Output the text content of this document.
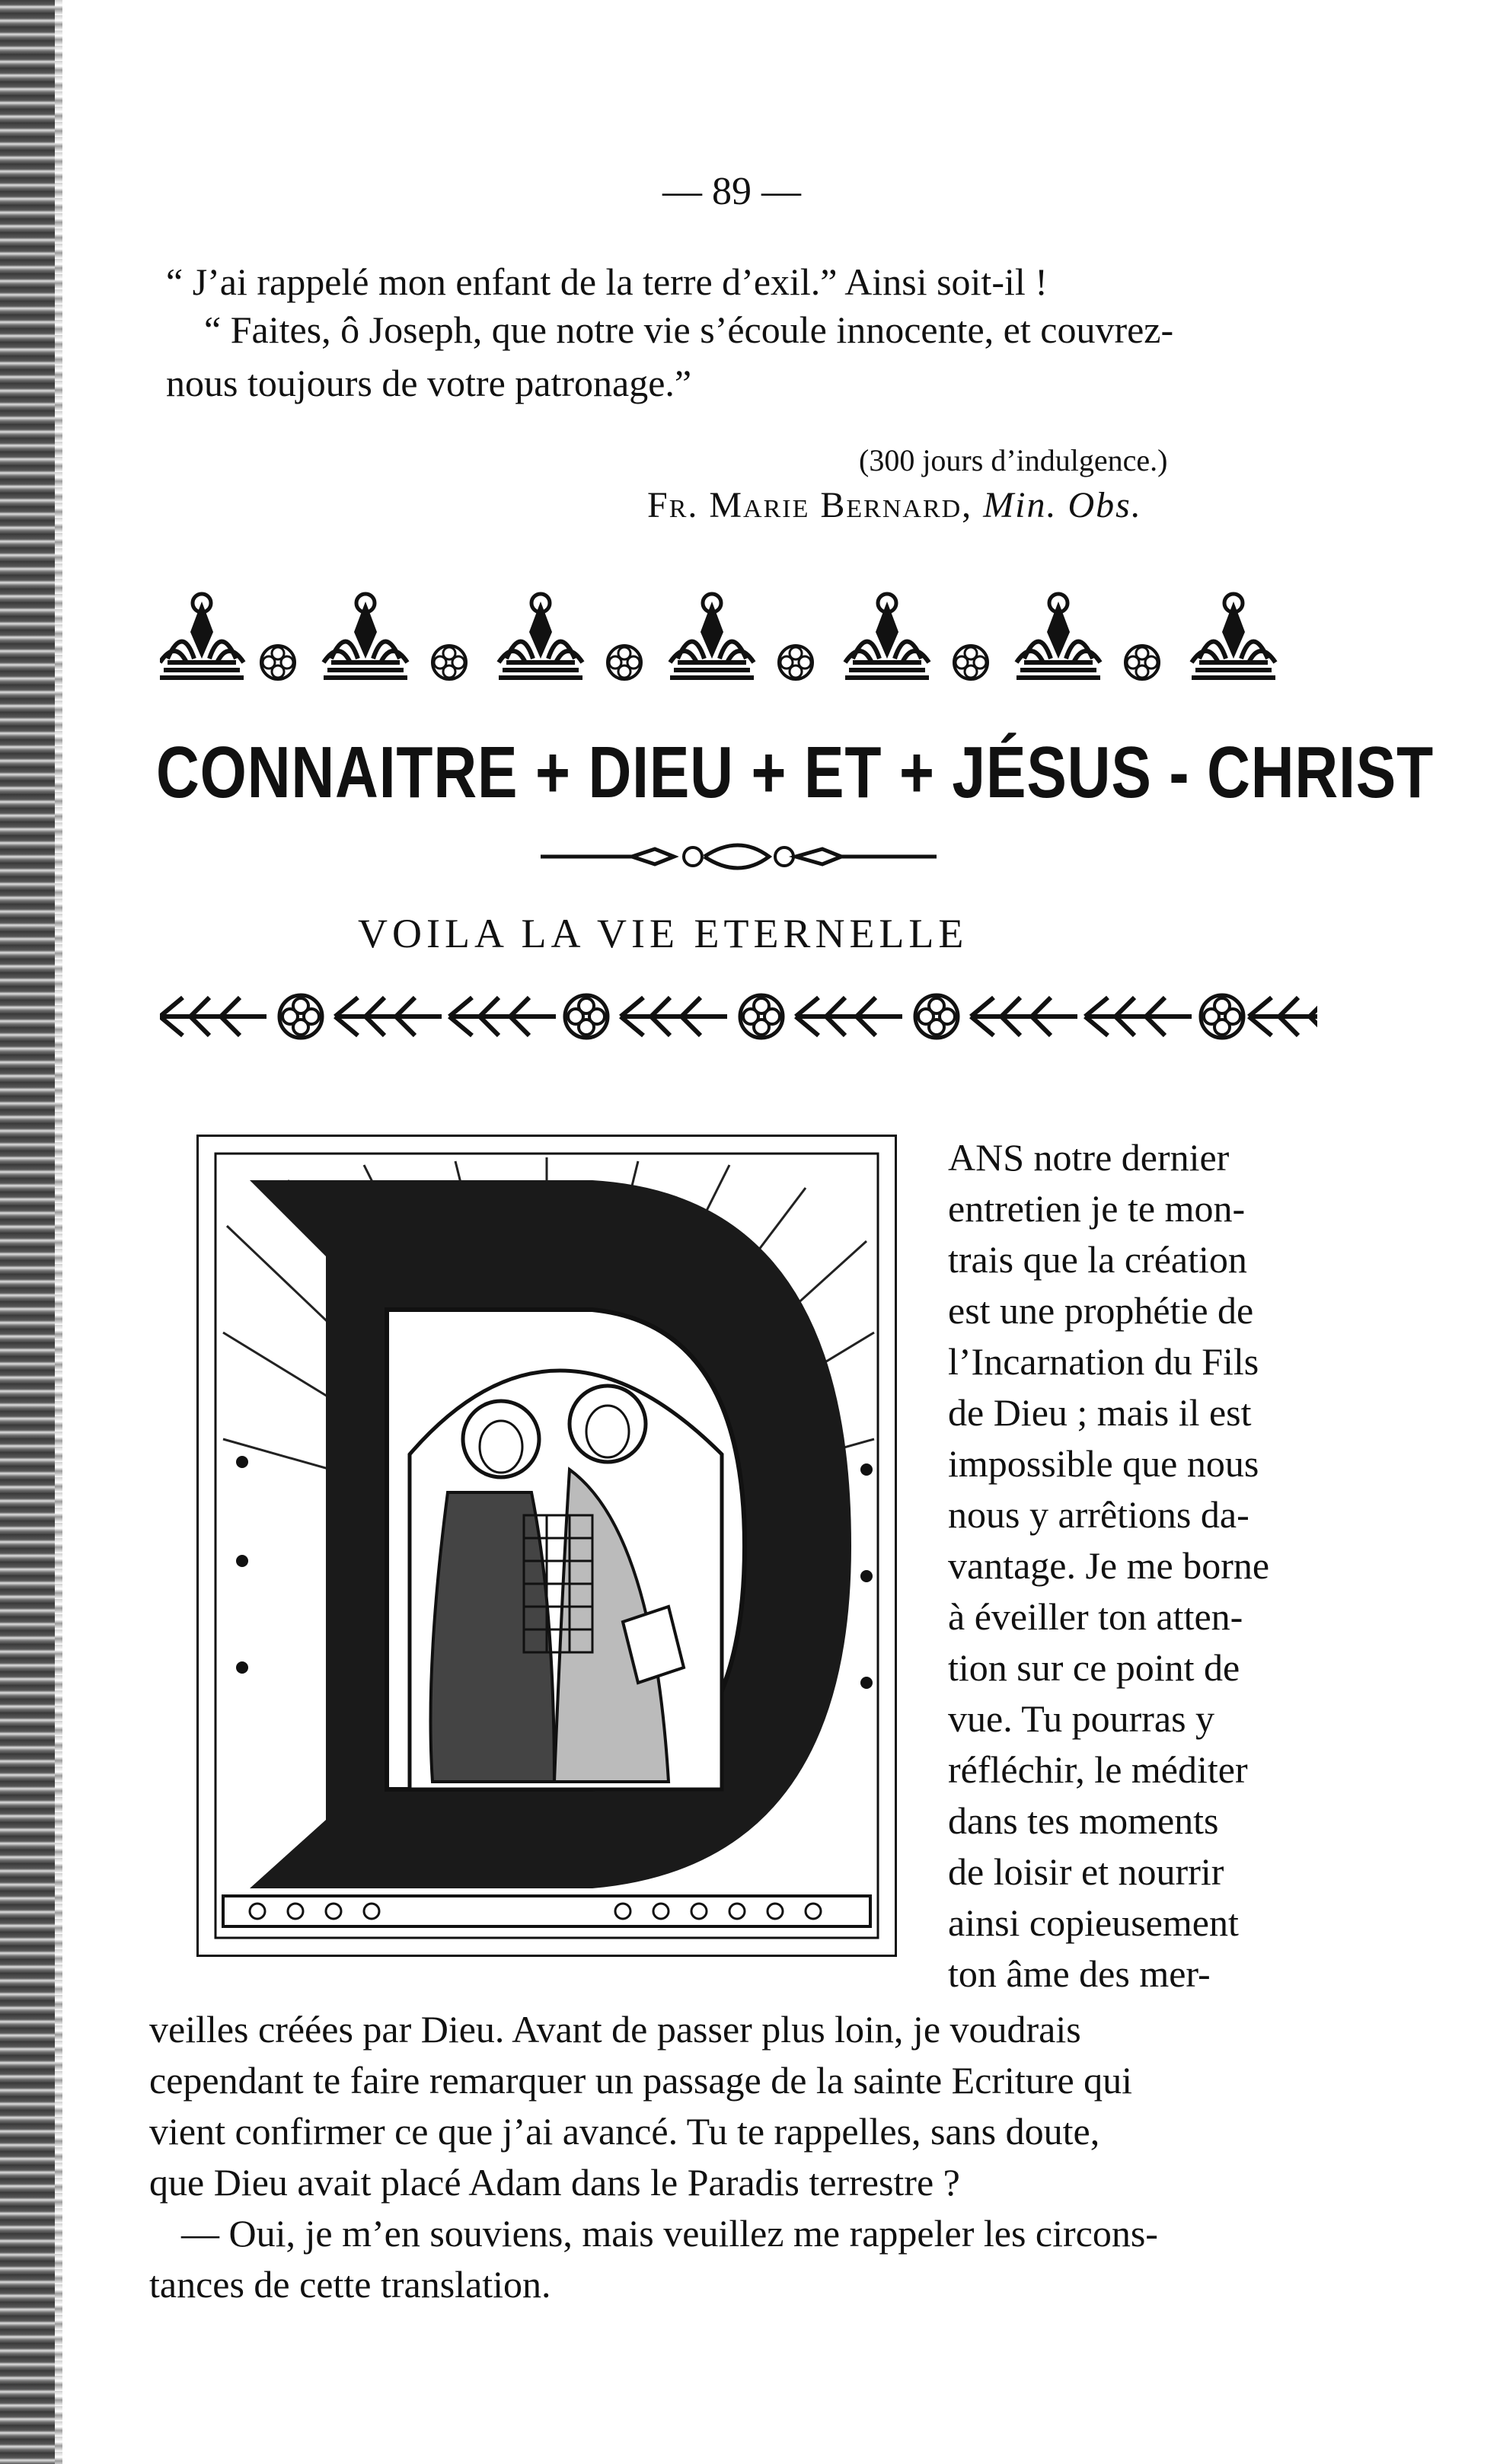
— 89 —
“ J’ai rappelé mon enfant de la terre d’exil.” Ainsi soit-il !
“ Faites, ô Joseph, que notre vie s’écoule innocente, et couvrez-
nous toujours de votre patronage.”
(300 jours d’indulgence.)
Fr. Marie Bernard, Min. Obs.
CONNAITRE + DIEU + ET + JÉSUS - CHRIST
VOILA LA VIE ETERNELLE
ANS notre dernier
entretien je te mon-
trais que la création
est une prophétie de
l’Incarnation du Fils
de Dieu ; mais il est
impossible que nous
nous y arrêtions da-
vantage. Je me borne
à éveiller ton atten-
tion sur ce point de
vue. Tu pourras y
réfléchir, le méditer
dans tes moments
de loisir et nourrir
ainsi copieusement
ton âme des mer-
veilles créées par Dieu. Avant de passer plus loin, je voudrais
cependant te faire remarquer un passage de la sainte Ecriture qui
vient confirmer ce que j’ai avancé. Tu te rappelles, sans doute,
que Dieu avait placé Adam dans le Paradis terrestre ?
— Oui, je m’en souviens, mais veuillez me rappeler les circons-
tances de cette translation.
